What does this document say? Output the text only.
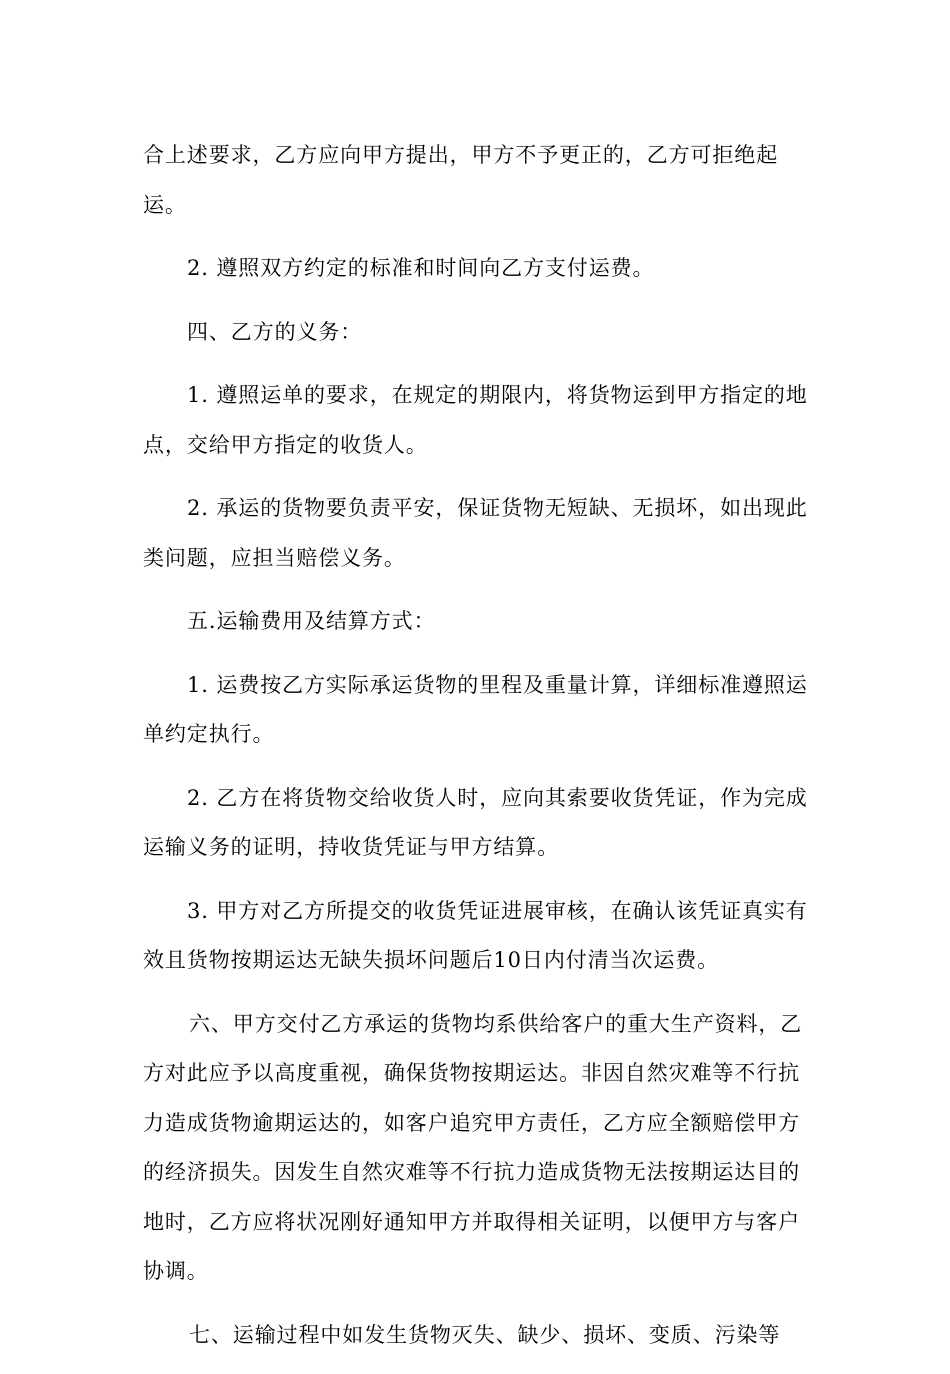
合上述要求，乙方应向甲方提出，甲方不予更正的，乙方可拒绝起运。

2. 遵照双方约定的标准和时间向乙方支付运费。

四、乙方的义务：

1. 遵照运单的要求，在规定的期限内，将货物运到甲方指定的地点，交给甲方指定的收货人。

2. 承运的货物要负责平安，保证货物无短缺、无损坏，如出现此类问题，应担当赔偿义务。

五.运输费用及结算方式：

1. 运费按乙方实际承运货物的里程及重量计算，详细标准遵照运单约定执行。

2. 乙方在将货物交给收货人时，应向其索要收货凭证，作为完成运输义务的证明，持收货凭证与甲方结算。

3. 甲方对乙方所提交的收货凭证进展审核，在确认该凭证真实有效且货物按期运达无缺失损坏问题后10日内付清当次运费。

六、甲方交付乙方承运的货物均系供给客户的重大生产资料，乙方对此应予以高度重视，确保货物按期运达。非因自然灾难等不行抗力造成货物逾期运达的，如客户追究甲方责任，乙方应全额赔偿甲方的经济损失。因发生自然灾难等不行抗力造成货物无法按期运达目的地时，乙方应将状况刚好通知甲方并取得相关证明，以便甲方与客户协调。

七、运输过程中如发生货物灭失、缺少、损坏、变质、污染等
